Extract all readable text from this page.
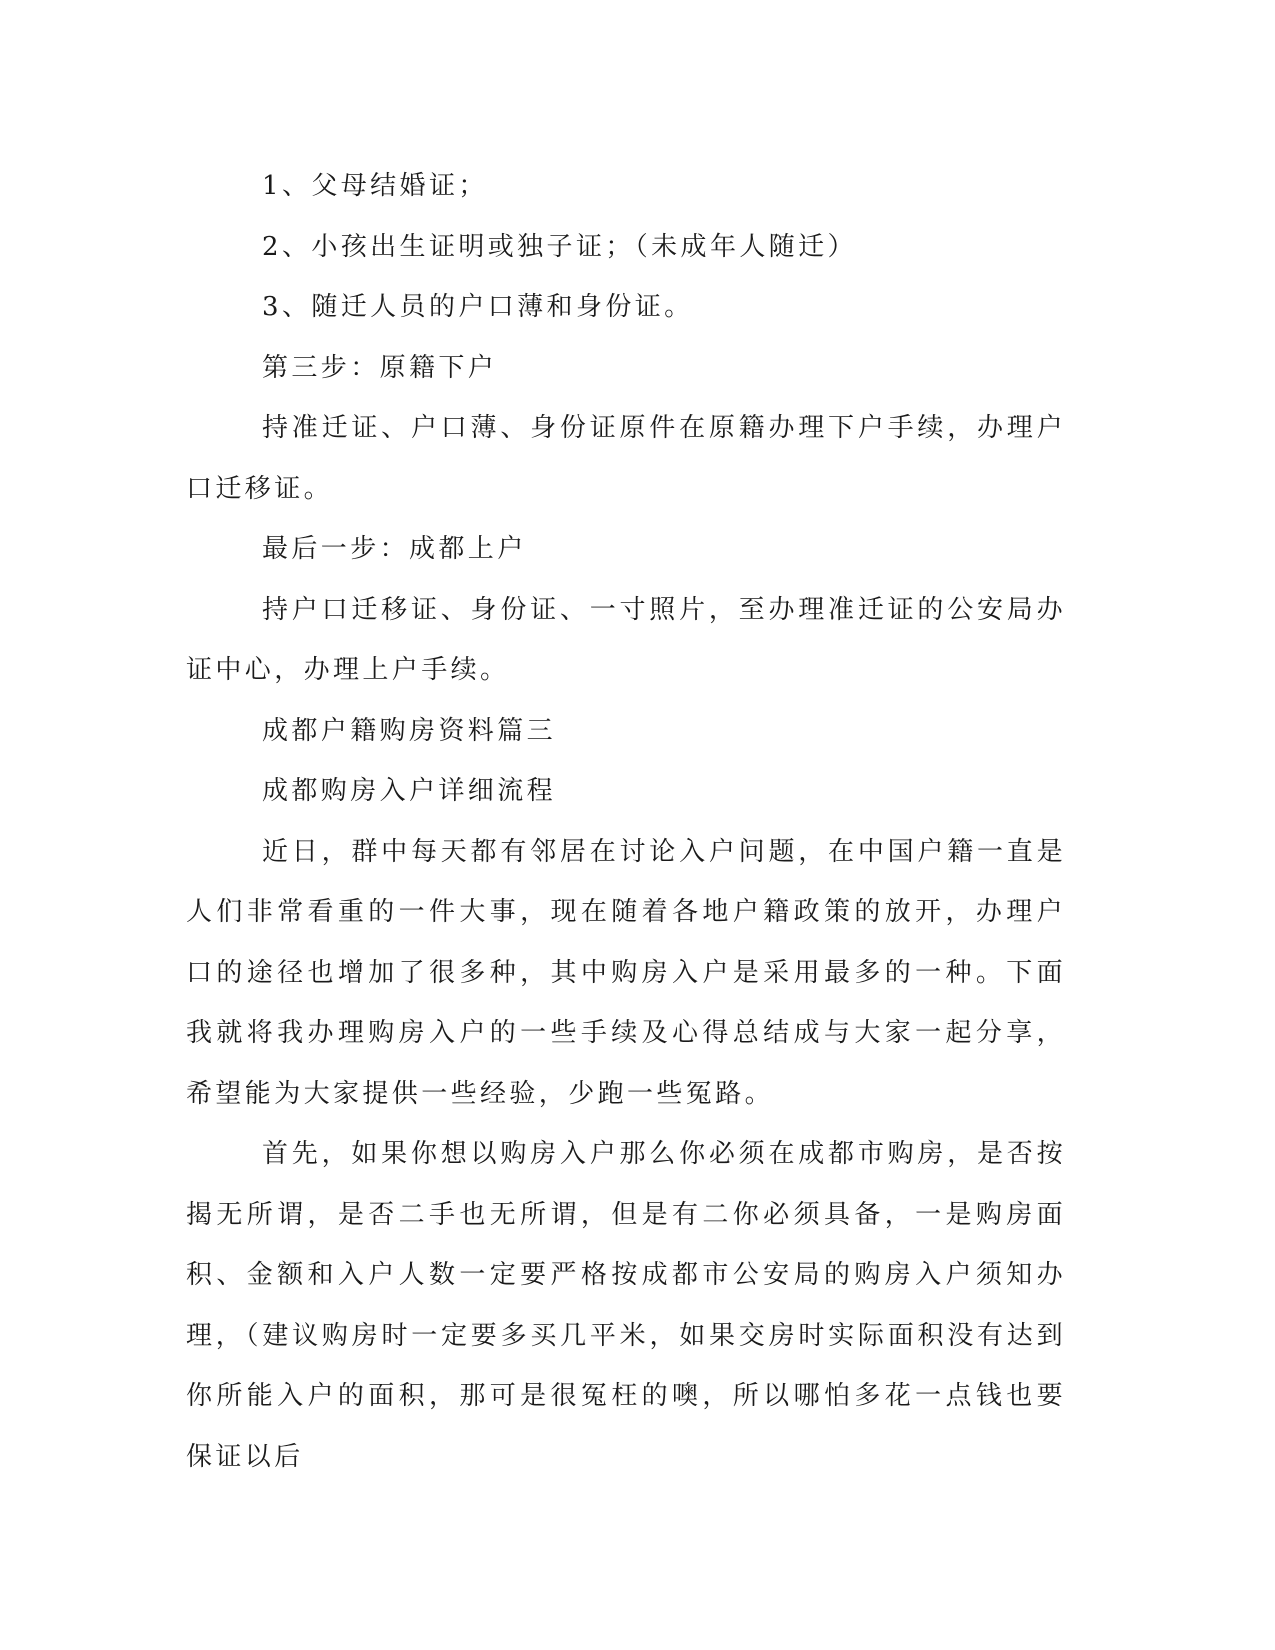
1、父母结婚证；

2、小孩出生证明或独子证；（未成年人随迁）

3、随迁人员的户口薄和身份证。

第三步：原籍下户

持准迁证、户口薄、身份证原件在原籍办理下户手续，办理户口迁移证。

最后一步：成都上户

持户口迁移证、身份证、一寸照片，至办理准迁证的公安局办证中心，办理上户手续。

成都户籍购房资料篇三

成都购房入户详细流程

近日，群中每天都有邻居在讨论入户问题，在中国户籍一直是人们非常看重的一件大事，现在随着各地户籍政策的放开，办理户口的途径也增加了很多种，其中购房入户是采用最多的一种。下面我就将我办理购房入户的一些手续及心得总结成与大家一起分享，希望能为大家提供一些经验，少跑一些冤路。

首先，如果你想以购房入户那么你必须在成都市购房，是否按揭无所谓，是否二手也无所谓，但是有二你必须具备，一是购房面积、金额和入户人数一定要严格按成都市公安局的购房入户须知办理，（建议购房时一定要多买几平米，如果交房时实际面积没有达到你所能入户的面积，那可是很冤枉的噢，所以哪怕多花一点钱也要保证以后
